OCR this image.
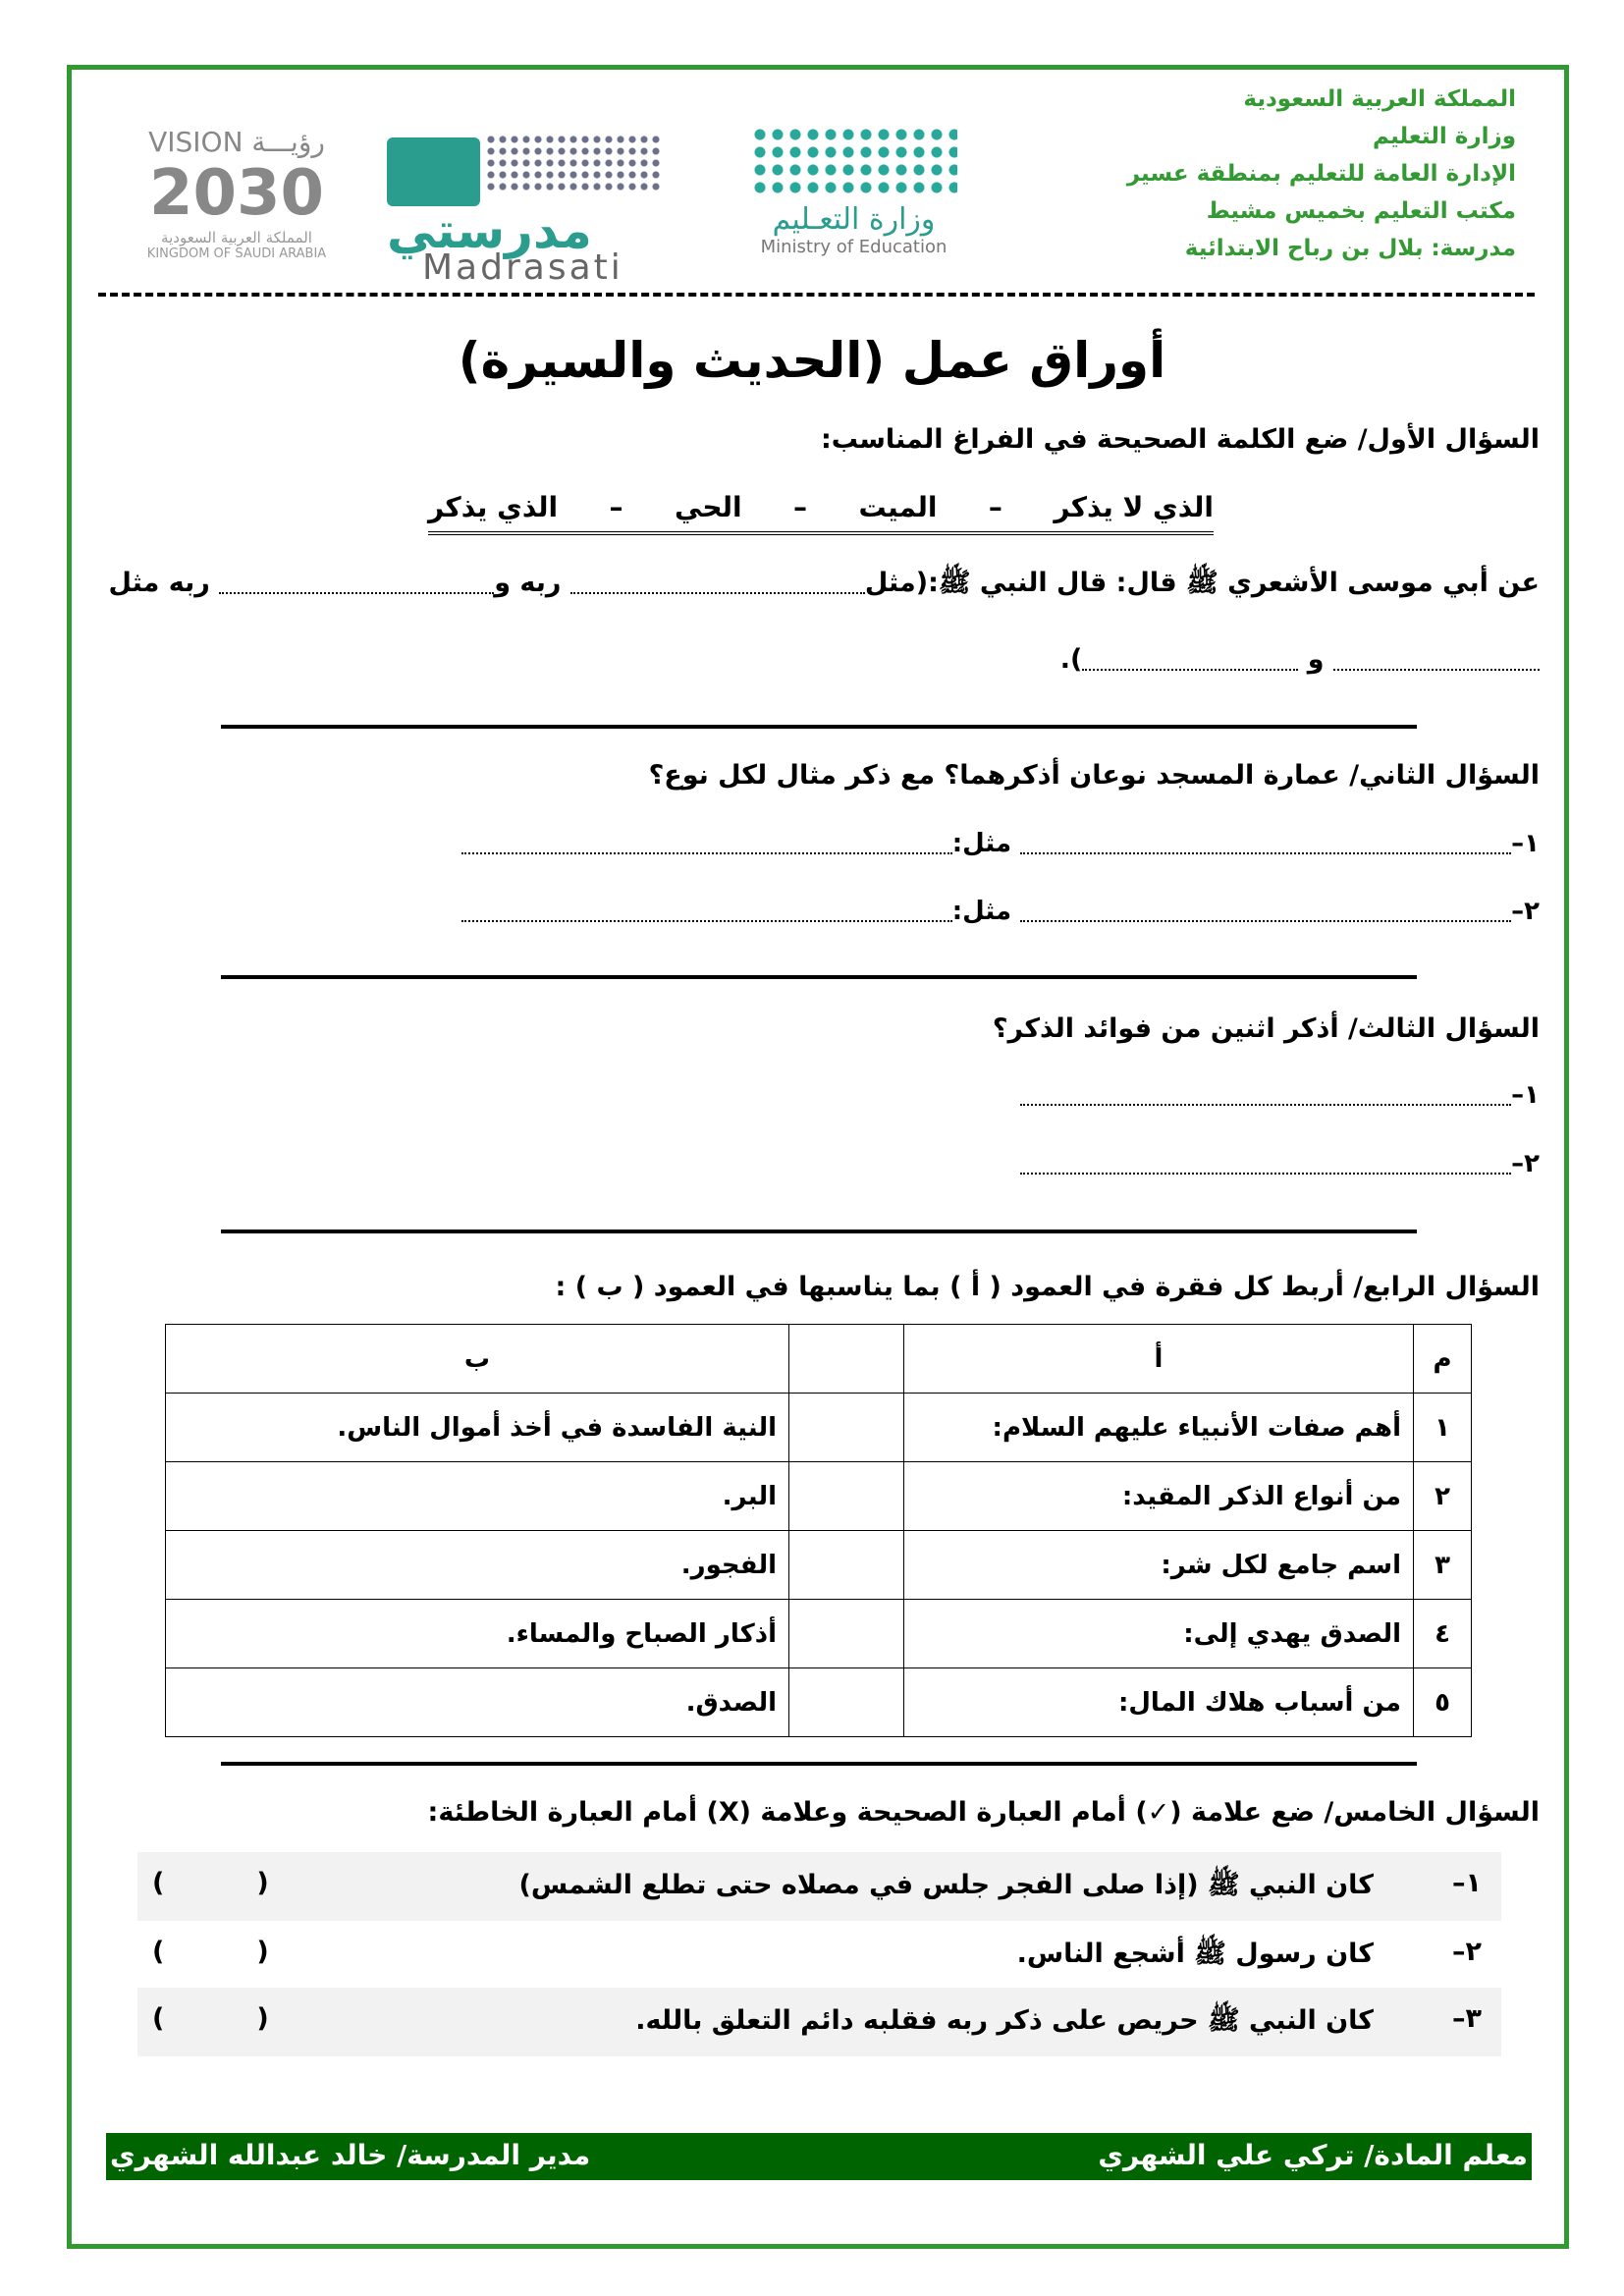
المملكة العربية السعودية
وزارة التعليم
الإدارة العامة للتعليم بمنطقة عسير
مكتب التعليم بخميس مشيط
مدرسة: بلال بن رباح الابتدائية
VISION رؤيـــة
2030
المملكة العربية السعودية
KINGDOM OF SAUDI ARABIA مدرستي
Madrasati
وزارة التعـليم
Ministry of Education
أوراق عمل (الحديث والسيرة)
السؤال الأول/ ضع الكلمة الصحيحة في الفراغ المناسب:
الذي لا يذكر
–
الميت
–
الحي
–
الذي يذكر
عن أبي موسى الأشعري ﷺ قال: قال النبي ﷺ:(مثل ربه و ربه مثل
و ).
السؤال الثاني/ عمارة المسجد نوعان أذكرهما؟ مع ذكر مثال لكل نوع؟
١– مثل:
٢– مثل:
السؤال الثالث/ أذكر اثنين من فوائد الذكر؟
١–
٢–
السؤال الرابع/ أربط كل فقرة في العمود ( أ ) بما يناسبها في العمود ( ب ) :
م	أ		ب
١	أهم صفات الأنبياء عليهم السلام:		النية الفاسدة في أخذ أموال الناس.
٢	من أنواع الذكر المقيد:		البر.
٣	اسم جامع لكل شر:		الفجور.
٤	الصدق يهدي إلى:		أذكار الصباح والمساء.
٥	من أسباب هلاك المال:		الصدق.
السؤال الخامس/ ضع علامة (✓) أمام العبارة الصحيحة وعلامة (X) أمام العبارة الخاطئة:
١–
كان النبي ﷺ (إذا صلى الفجر جلس في مصلاه حتى تطلع الشمس)
(          )
٢–
كان رسول ﷺ أشجع الناس.
(          )
٣–
كان النبي ﷺ حريص على ذكر ربه فقلبه دائم التعلق بالله.
(          )
معلم المادة/ تركي علي الشهري
مدير المدرسة/ خالد عبدالله الشهري
